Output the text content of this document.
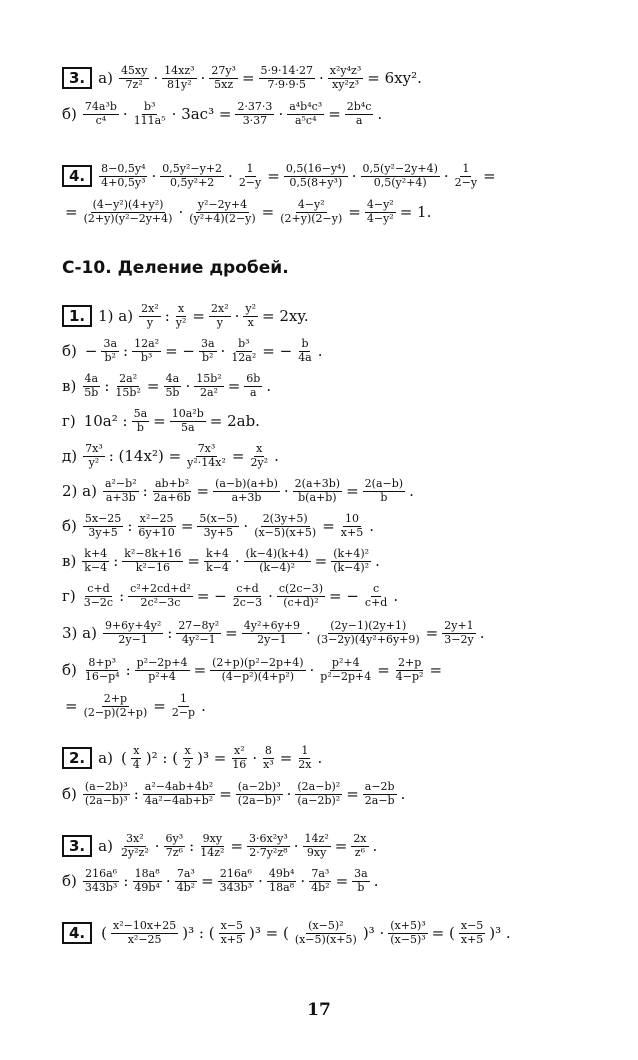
С-10. Деление дробей.
3. $а) \frac{45xy}{\text{7z²}} \cdot \frac{\text{14xz³}}{\text{81y²}} \cdot \frac{\text{27y³}}{5xz} = \frac{5\cdot 9\cdot 14\cdot 27}{7\cdot 9\cdot 9\cdot 5} \cdot \frac{\text{x²y⁴z³}}{\text{xy²z³}} = 6xy^2$.
$б) \frac{\text{74a³b}}{\text{c⁴}} \cdot \frac{\text{b³}}{\text{111a⁵}} \cdot 3ac^3 = \frac{2\cdot 37\cdot 3}{3\cdot 37} \cdot \frac{\text{a⁴b⁴c³}}{\text{a⁵c⁴}} = \frac{\text{2b⁴c}}{a}$ .
4.	$\frac{\text{8−0,5y⁴}}{\text{4+0,5y³}} \cdot \frac{\text{0,5y²−y+2}}{\text{0,5y²+2}} \cdot \frac{1}{2-y} = \frac{\text{0,5(16−y⁴)}}{\text{0,5(8+y³)}} \cdot \frac{\text{0,5(y²−2y+4)}}{\text{0,5(y²+4)}} \cdot \frac{1}{2-y}$ =
= $\frac{\text{(4−y²)(4+y²)}}{\text{(2+y)(y²−2y+4)}} \cdot \frac{\text{y²−2y+4}}{\text{(y²+4)(2−y)}} = \frac{\text{4−y²}}{(2+y)(2-y)} = \frac{\text{4−y²}}{\text{4−y²}} = 1$.
1. 1) $а) \frac{\text{2x²}}{y}$ : $\frac{x}{\text{y²}} = \frac{\text{2x²}}{y} \cdot \frac{\text{y²}}{x} = 2xy$.
$б) - \frac{3a}{\text{b²}}$ : $\frac{\text{12a²}}{\text{b³}}$ = − $\frac{3a}{\text{b²}} \cdot \frac{\text{b³}}{\text{12a²}}$ = − $\frac{b}{4a}$ .
$в) \frac{4a}{5b}$ : $\frac{\text{2a²}}{\text{15b²}} = \frac{4a}{5b} \cdot \frac{\text{15b²}}{\text{2a²}} = \frac{6b}{a}$ .
г) 10a² : $\frac{5a}{b} = \frac{\text{10a²b}}{5a} = 2ab$.
$д) \frac{\text{7x³}}{\text{y²}}$ : $(14x^2) = \frac{\text{7x³}}{\text{y²·14x²}} = \frac{x}{\text{2y²}}$ .
2) $а) \frac{\text{a²−b²}}{a+3b}$ : $\frac{\text{ab+b²}}{2a+6b} = \frac{(a-b)(a+b)}{a+3b} \cdot \frac{2(a+3b)}{b(a+b)} = \frac{2(a-b)}{b}$ .
$б) \frac{5x-25}{3y+5}$ : $\frac{\text{x²−25}}{6y+10} = \frac{5(x-5)}{3y+5} \cdot \frac{2(3y+5)}{(x-5)(x+5)} = \frac{10}{x+5}$ .
$в) \frac{k+4}{k-4}$ : $\frac{\text{k²−8k+16}}{\text{k²−16}} = \frac{k+4}{k-4} \cdot \frac{(k-4)(k+4)}{\text{(k−4)²}} = \frac{\text{(k+4)²}}{\text{(k−4)²}}$ .
$г) \frac{c+d}{3-2c}$ : $\frac{\text{c²+2cd+d²}}{\text{2c²−3c}}$ = − $\frac{c+d}{2c-3} \cdot \frac{c(2c-3)}{\text{(c+d)²}}$ = − $\frac{c}{c+d}$ .
3) $а) \frac{\text{9+6y+4y²}}{2y-1}$ : $\frac{\text{27−8y²}}{\text{4y²−1}} = \frac{\text{4y²+6y+9}}{2y-1} \cdot \frac{(2y-1)(2y+1)}{\text{(3−2y)(4y²+6y+9)}} = \frac{2y+1}{3-2y}$ .
$б) \frac{\text{8+p³}}{\text{16−p⁴}}$ : $\frac{\text{p²−2p+4}}{\text{p²+4}} = \frac{\text{(2+p)(p²−2p+4)}}{\text{(4−p²)(4+p²)}} \cdot \frac{\text{p²+4}}{\text{p²−2p+4}} = \frac{2+p}{\text{4−p²}}$ =
= $\frac{2+p}{(2-p)(2+p)} = \frac{1}{2-p}$ .
2. а) ( $\frac{x}{4} )^2$ : ( $\frac{x}{2} )^3 = \frac{\text{x²}}{16} \cdot \frac{8}{\text{x³}} = \frac{1}{2x}$ .
$б) \frac{\text{(a−2b)³}}{\text{(2a−b)³}}$ : $\frac{\text{a²−4ab+4b²}}{\text{4a²−4ab+b²}} = \frac{\text{(a−2b)³}}{\text{(2a−b)³}} \cdot \frac{\text{(2a−b)²}}{\text{(a−2b)²}} = \frac{a-2b}{2a-b}$ .
3. $а) \frac{\text{3x²}}{\text{2y²z²}} \cdot \frac{\text{6y³}}{\text{7z⁶}}$ : $\frac{9xy}{\text{14z²}} = \frac{\text{3·6x²y³}}{\text{2·7y²z⁸}} \cdot \frac{\text{14z²}}{9xy} = \frac{2x}{\text{z⁶}}$ .
$б) \frac{\text{216a⁶}}{\text{343b³}}$ : $\frac{\text{18a⁸}}{\text{49b⁴}} \cdot \frac{\text{7a³}}{\text{4b²}} = \frac{\text{216a⁶}}{\text{343b³}} \cdot \frac{\text{49b⁴}}{\text{18a⁸}} \cdot \frac{\text{7a³}}{\text{4b²}} = \frac{3a}{b}$ .
4.	( $\frac{\text{x²−10x+25}}{\text{x²−25}} )^3$ : ( $\frac{x-5}{x+5} )^3$ = ( $\frac{\text{(x−5)²}}{(x-5)(x+5)} )^3 \cdot \frac{\text{(x+5)³}}{\text{(x−5)³}}$ = ( $\frac{x-5}{x+5} )^3$ .
17
